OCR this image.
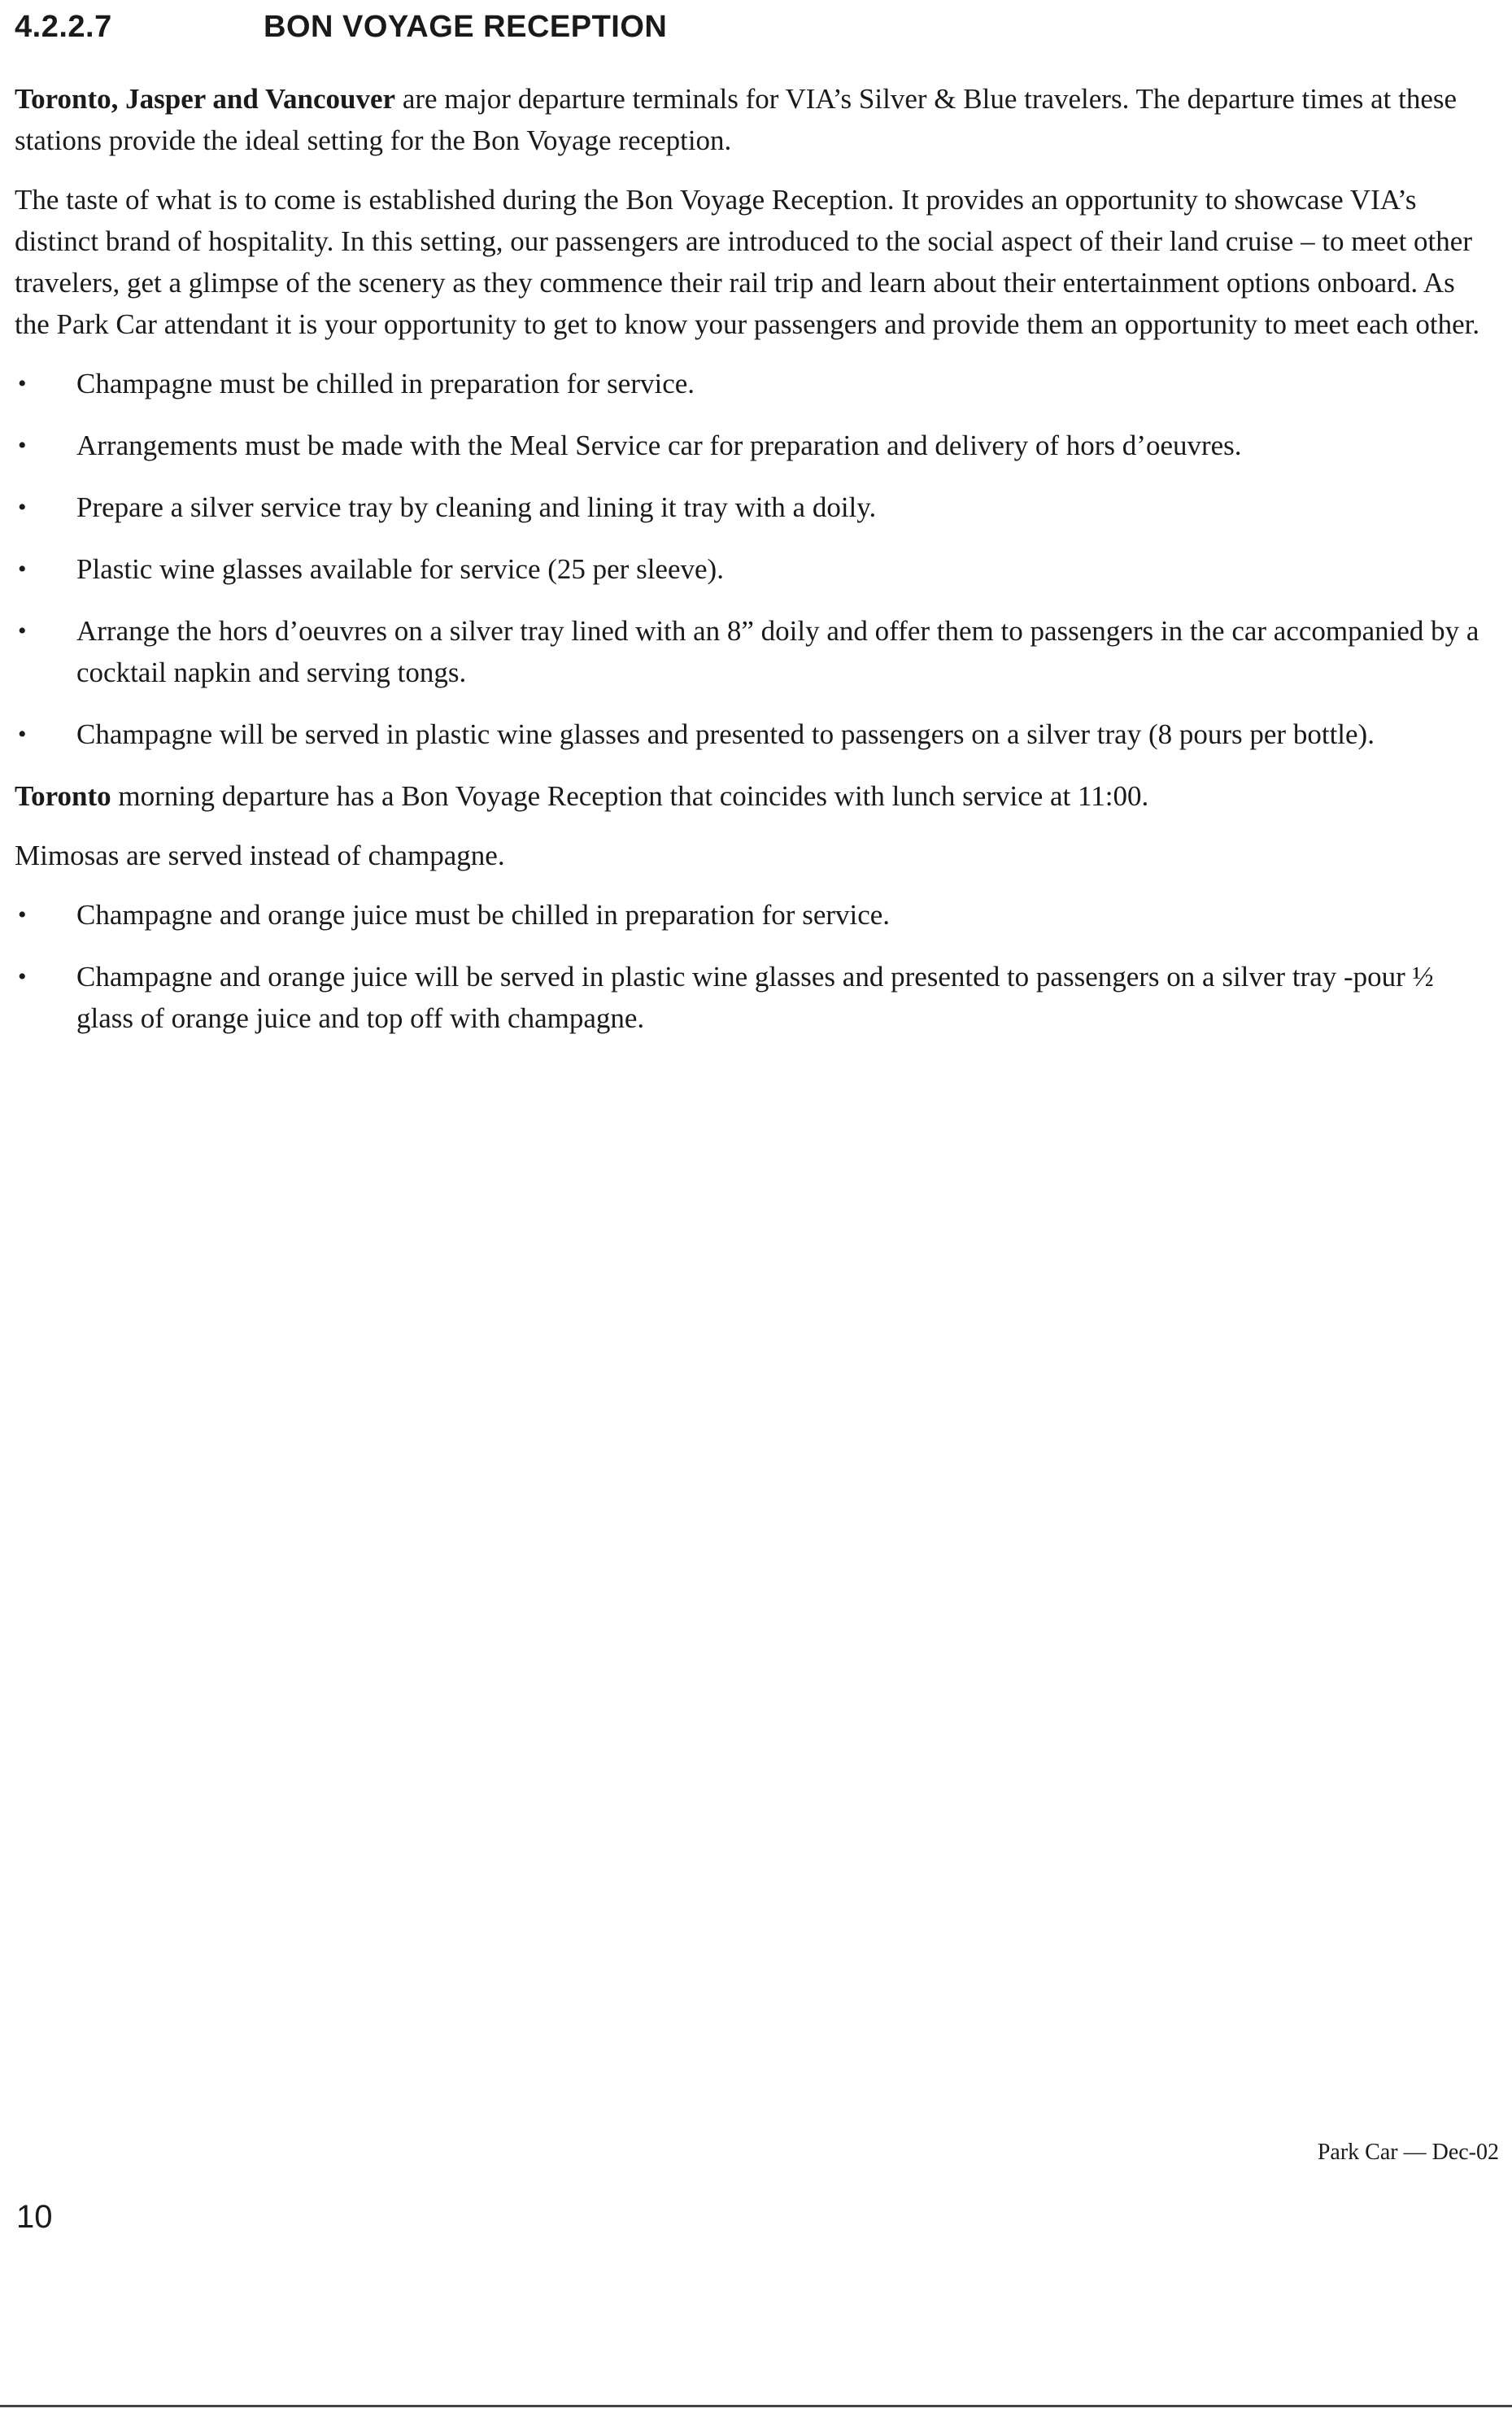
4.2.2.7	BON VOYAGE RECEPTION

Toronto, Jasper and Vancouver are major departure terminals for VIA’s Silver & Blue travelers. The departure times at these stations provide the ideal setting for the Bon Voyage reception.

The taste of what is to come is established during the Bon Voyage Reception. It provides an opportunity to showcase VIA’s distinct brand of hospitality. In this setting, our passengers are introduced to the social aspect of their land cruise – to meet other travelers, get a glimpse of the scenery as they commence their rail trip and learn about their entertainment options onboard. As the Park Car attendant it is your opportunity to get to know your passengers and provide them an opportunity to meet each other.

• Champagne must be chilled in preparation for service.
• Arrangements must be made with the Meal Service car for preparation and delivery of hors d’oeuvres.
• Prepare a silver service tray by cleaning and lining it tray with a doily.
• Plastic wine glasses available for service (25 per sleeve).
• Arrange the hors d’oeuvres on a silver tray lined with an 8” doily and offer them to passengers in the car accompanied by a cocktail napkin and serving tongs.
• Champagne will be served in plastic wine glasses and presented to passengers on a silver tray (8 pours per bottle).

Toronto morning departure has a Bon Voyage Reception that coincides with lunch service at 11:00.

Mimosas are served instead of champagne.

• Champagne and orange juice must be chilled in preparation for service.
• Champagne and orange juice will be served in plastic wine glasses and presented to passengers on a silver tray -pour ½ glass of orange juice and top off with champagne.
Park Car — Dec-02
10
